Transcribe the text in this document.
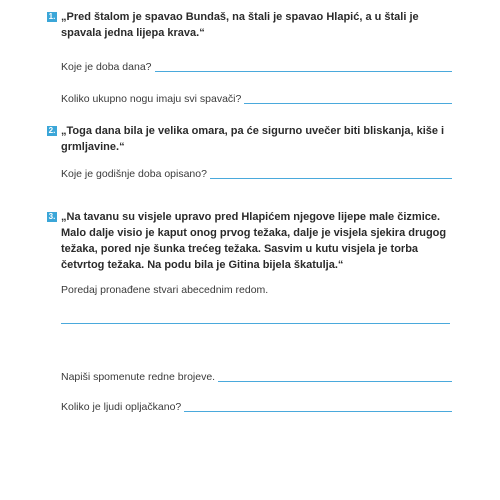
1. „Pred štalom je spavao Bundaš, na štali je spavao Hlapić, a u štali je spavala jedna lijepa krava.“
Koje je doba dana?
Koliko ukupno nogu imaju svi spavači?
2. „Toga dana bila je velika omara, pa će sigurno uvečer biti bliskanja, kiše i grmljavine.“
Koje je godišnje doba opisano?
3. „Na tavanu su visjele upravo pred Hlapićem njegove lijepe male čizmice. Malo dalje visio je kaput onog prvog težaka, dalje je visjela sjekira drugog težaka, pored nje šunka trećeg težaka. Sasvim u kutu visjela je torba četvrtog težaka. Na podu bila je Gitina bijela škatulja.“
Poredaj pronađene stvari abecednim redom.
Napiši spomenute redne brojeve.
Koliko je ljudi opljačkano?
